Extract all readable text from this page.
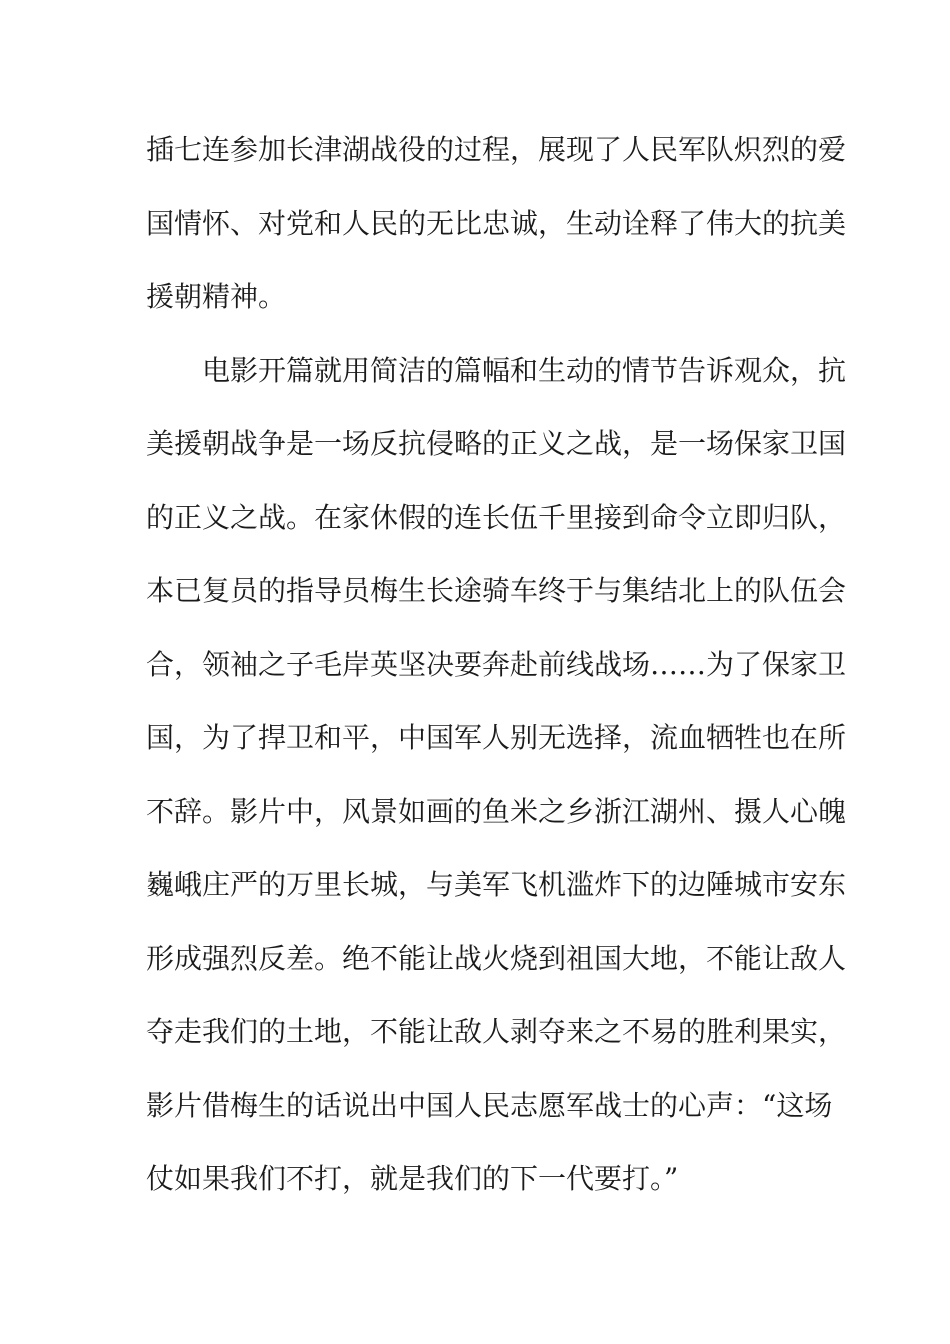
插七连参加长津湖战役的过程，展现了人民军队炽烈的爱
国情怀、对党和人民的无比忠诚，生动诠释了伟大的抗美
援朝精神。
电影开篇就用简洁的篇幅和生动的情节告诉观众，抗
美援朝战争是一场反抗侵略的正义之战，是一场保家卫国
的正义之战。在家休假的连长伍千里接到命令立即归队，
本已复员的指导员梅生长途骑车终于与集结北上的队伍会
合，领袖之子毛岸英坚决要奔赴前线战场……为了保家卫
国，为了捍卫和平，中国军人别无选择，流血牺牲也在所
不辞。影片中，风景如画的鱼米之乡浙江湖州、摄人心魄
巍峨庄严的万里长城，与美军飞机滥炸下的边陲城市安东
形成强烈反差。绝不能让战火烧到祖国大地，不能让敌人
夺走我们的土地，不能让敌人剥夺来之不易的胜利果实，
影片借梅生的话说出中国人民志愿军战士的心声：“这场
仗如果我们不打，就是我们的下一代要打。”
